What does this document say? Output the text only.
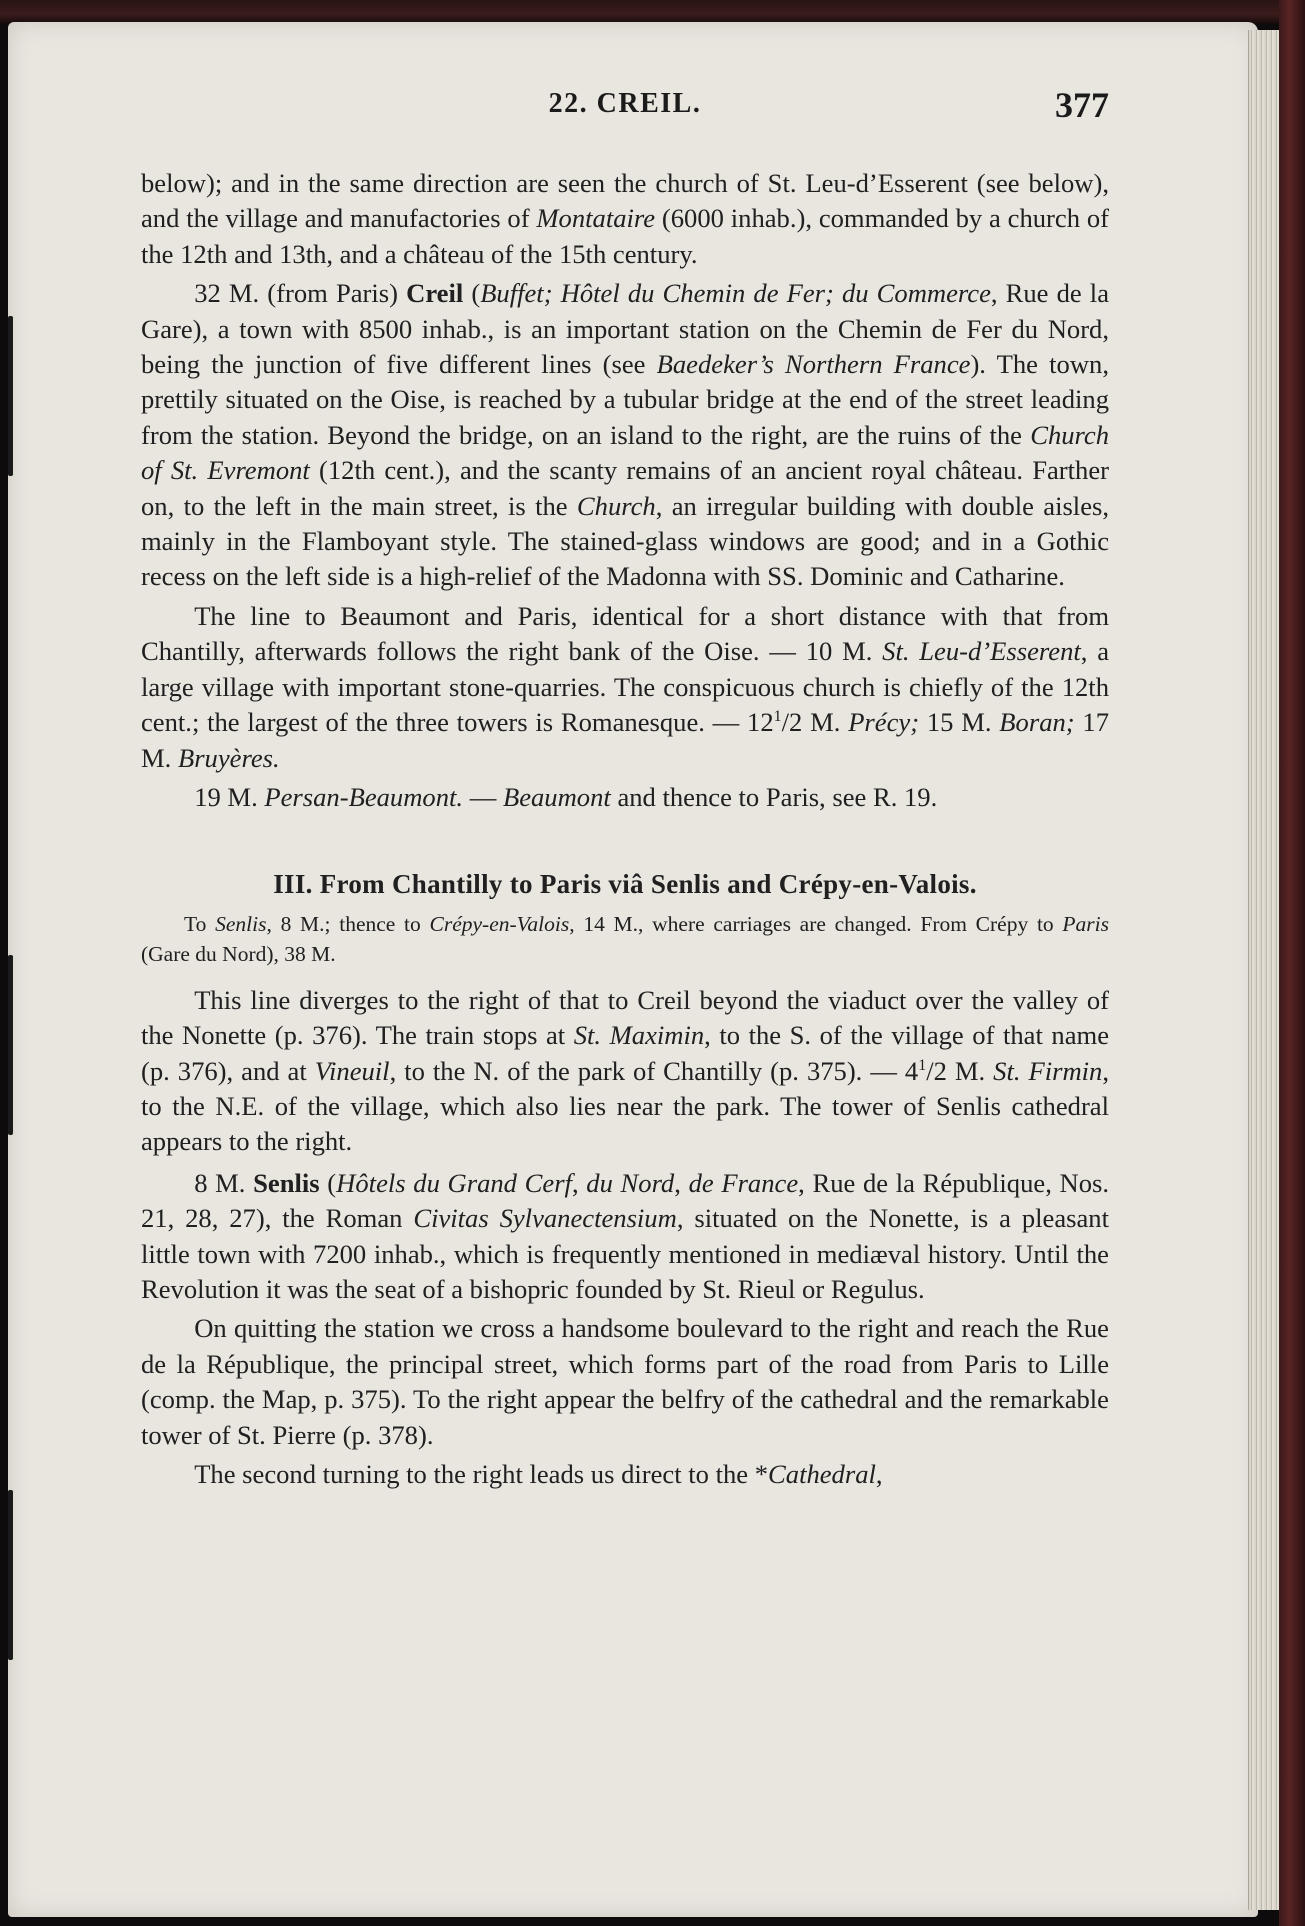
22. CREIL.	377

below); and in the same direction are seen the church of St. Leu-d’Esserent (see below), and the village and manufactories of Montataire (6000 inhab.), commanded by a church of the 12th and 13th, and a château of the 15th century.

32 M. (from Paris) Creil (Buffet; Hôtel du Chemin de Fer; du Commerce, Rue de la Gare), a town with 8500 inhab., is an important station on the Chemin de Fer du Nord, being the junction of five different lines (see Baedeker’s Northern France). The town, prettily situated on the Oise, is reached by a tubular bridge at the end of the street leading from the station. Beyond the bridge, on an island to the right, are the ruins of the Church of St. Evremont (12th cent.), and the scanty remains of an ancient royal château. Farther on, to the left in the main street, is the Church, an irregular building with double aisles, mainly in the Flamboyant style. The stained-glass windows are good; and in a Gothic recess on the left side is a high-relief of the Madonna with SS. Dominic and Catharine.

The line to Beaumont and Paris, identical for a short distance with that from Chantilly, afterwards follows the right bank of the Oise. — 10 M. St. Leu-d’Esserent, a large village with important stone-quarries. The conspicuous church is chiefly of the 12th cent.; the largest of the three towers is Romanesque. — $12^1/2$ M. Précy; 15 M. Boran; 17 M. Bruyères.

19 M. Persan-Beaumont. — Beaumont and thence to Paris, see R. 19.

III. From Chantilly to Paris viâ Senlis and Crépy-en-Valois.
To Senlis, 8 M.; thence to Crépy-en-Valois, 14 M., where carriages are changed. From Crépy to Paris (Gare du Nord), 38 M.

This line diverges to the right of that to Creil beyond the viaduct over the valley of the Nonette (p. 376). The train stops at St. Maximin, to the S. of the village of that name (p. 376), and at Vineuil, to the N. of the park of Chantilly (p. 375). — $4^1/2$ M. St. Firmin, to the N.E. of the village, which also lies near the park. The tower of Senlis cathedral appears to the right.

8 M. Senlis (Hôtels du Grand Cerf, du Nord, de France, Rue de la République, Nos. 21, 28, 27), the Roman Civitas Sylvanectensium, situated on the Nonette, is a pleasant little town with 7200 inhab., which is frequently mentioned in mediæval history. Until the Revolution it was the seat of a bishopric founded by St. Rieul or Regulus.

On quitting the station we cross a handsome boulevard to the right and reach the Rue de la République, the principal street, which forms part of the road from Paris to Lille (comp. the Map, p. 375). To the right appear the belfry of the cathedral and the remarkable tower of St. Pierre (p. 378).

The second turning to the right leads us direct to the *Cathedral,
